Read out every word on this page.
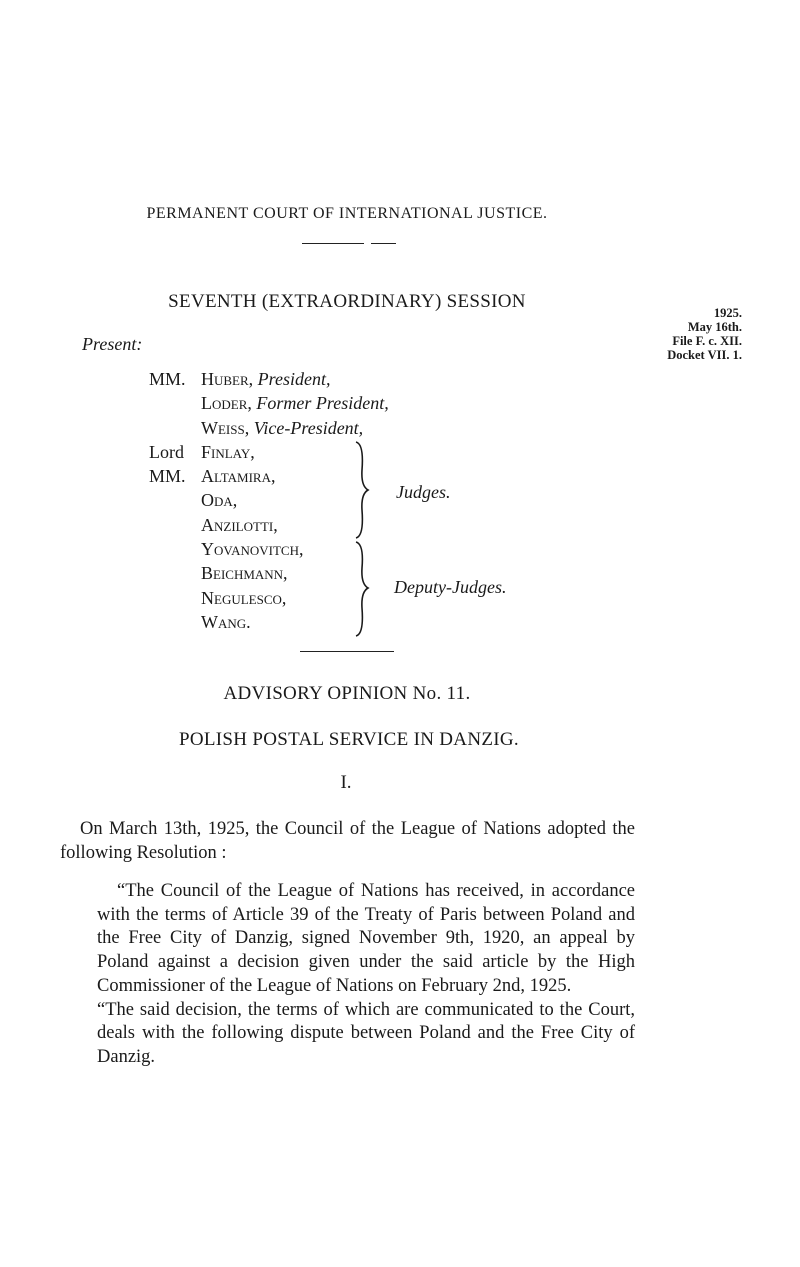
PERMANENT COURT OF INTERNATIONAL JUSTICE.
SEVENTH (EXTRAORDINARY) SESSION
1925.
May 16th.
File F. c. XII.
Docket VII. 1.
Present:
MM. Huber,
President,
Loder,
Former President,
Weiss,
Vice-President,
Lord Finlay,
MM. Altamira,
Oda,
Anzilotti,
Yovanovitch,
Beichmann,
Negulesco,
Wang.
Judges.
Deputy-Judges.
ADVISORY OPINION No. 11.
POLISH POSTAL SERVICE IN DANZIG.
I.
On March 13th, 1925, the Council of the League of Nations adopted the following Resolution :

“The Council of the League of Nations has received, in accordance with the terms of Article 39 of the Treaty of Paris between Poland and the Free City of Danzig, signed November 9th, 1920, an appeal by Poland against a decision given under the said article by the High Commissioner of the League of Nations on February 2nd, 1925.

“The said decision, the terms of which are communicated to the Court, deals with the following dispute between Poland and the Free City of Danzig.
